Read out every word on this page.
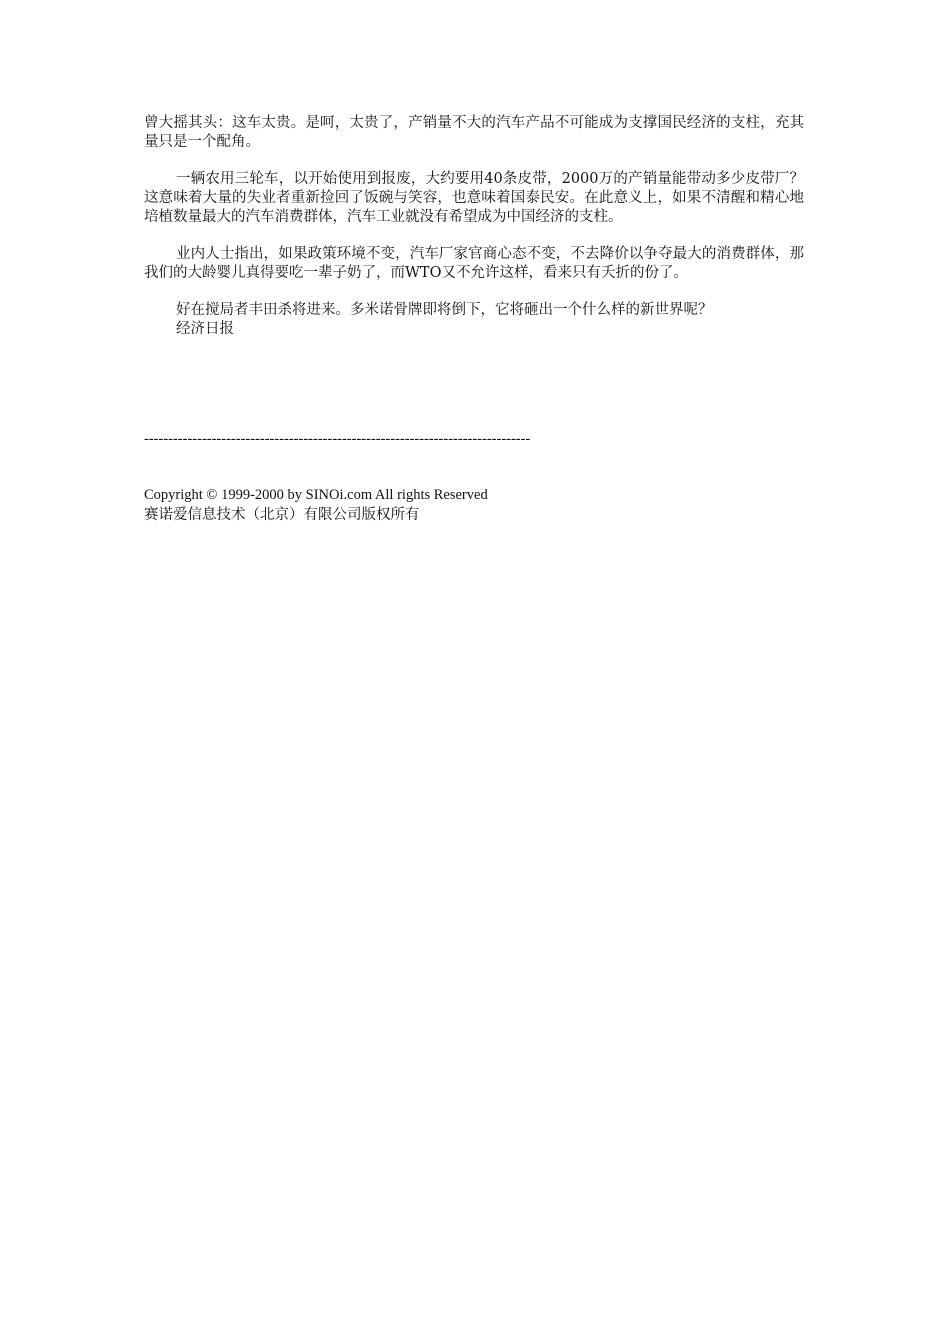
曾大摇其头：这车太贵。是呵，太贵了，产销量不大的汽车产品不可能成为支撑国民经济的支柱，充其量只是一个配角。

一辆农用三轮车，以开始使用到报废，大约要用40条皮带，2000万的产销量能带动多少皮带厂？这意味着大量的失业者重新捡回了饭碗与笑容，也意味着国泰民安。在此意义上，如果不清醒和精心地培植数量最大的汽车消费群体，汽车工业就没有希望成为中国经济的支柱。

业内人士指出，如果政策环境不变，汽车厂家官商心态不变，不去降价以争夺最大的消费群体，那我们的大龄婴儿真得要吃一辈子奶了，而WTO又不允许这样，看来只有夭折的份了。

好在搅局者丰田杀将进来。多米诺骨牌即将倒下，它将砸出一个什么样的新世界呢？

经济日报

--------------------------------------------------------------------------------
Copyright © 1999-2000 by SINOi.com All rights Reserved
赛诺爱信息技术（北京）有限公司版权所有
